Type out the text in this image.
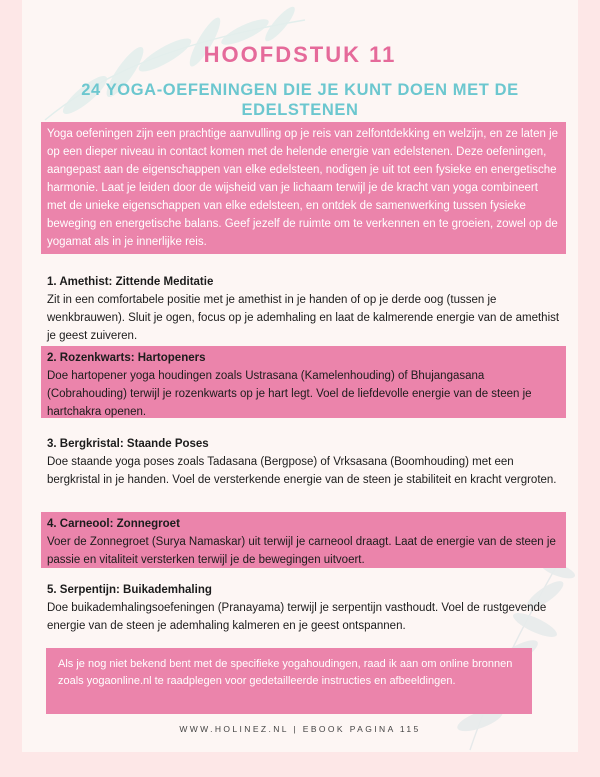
HOOFDSTUK 11
24 YOGA-OEFENINGEN DIE JE KUNT DOEN MET DE EDELSTENEN
Yoga oefeningen zijn een prachtige aanvulling op je reis van zelfontdekking en welzijn, en ze laten je op een dieper niveau in contact komen met de helende energie van edelstenen. Deze oefeningen, aangepast aan de eigenschappen van elke edelsteen, nodigen je uit tot een fysieke en energetische harmonie. Laat je leiden door de wijsheid van je lichaam terwijl je de kracht van yoga combineert met de unieke eigenschappen van elke edelsteen, en ontdek de samenwerking tussen fysieke beweging en energetische balans. Geef jezelf de ruimte om te verkennen en te groeien, zowel op de yogamat als in je innerlijke reis.
1. Amethist: Zittende Meditatie

Zit in een comfortabele positie met je amethist in je handen of op je derde oog (tussen je wenkbrauwen). Sluit je ogen, focus op je ademhaling en laat de kalmerende energie van de amethist je geest zuiveren.

2. Rozenkwarts: Hartopeners

Doe hartopener yoga houdingen zoals Ustrasana (Kamelenhouding) of Bhujangasana (Cobrahouding) terwijl je rozenkwarts op je hart legt. Voel de liefdevolle energie van de steen je hartchakra openen.

3. Bergkristal: Staande Poses

Doe staande yoga poses zoals Tadasana (Bergpose) of Vrksasana (Boomhouding) met een bergkristal in je handen. Voel de versterkende energie van de steen je stabiliteit en kracht vergroten.

4. Carneool: Zonnegroet

Voer de Zonnegroet (Surya Namaskar) uit terwijl je carneool draagt. Laat de energie van de steen je passie en vitaliteit versterken terwijl je de bewegingen uitvoert.

5. Serpentijn: Buikademhaling

Doe buikademhalingsoefeningen (Pranayama) terwijl je serpentijn vasthoudt. Voel de rustgevende energie van de steen je ademhaling kalmeren en je geest ontspannen.

Als je nog niet bekend bent met de specifieke yogahoudingen, raad ik aan om online bronnen zoals yogaonline.nl te raadplegen voor gedetailleerde instructies en afbeeldingen.

WWW.HOLINEZ.NL | EBOOK PAGINA 115
